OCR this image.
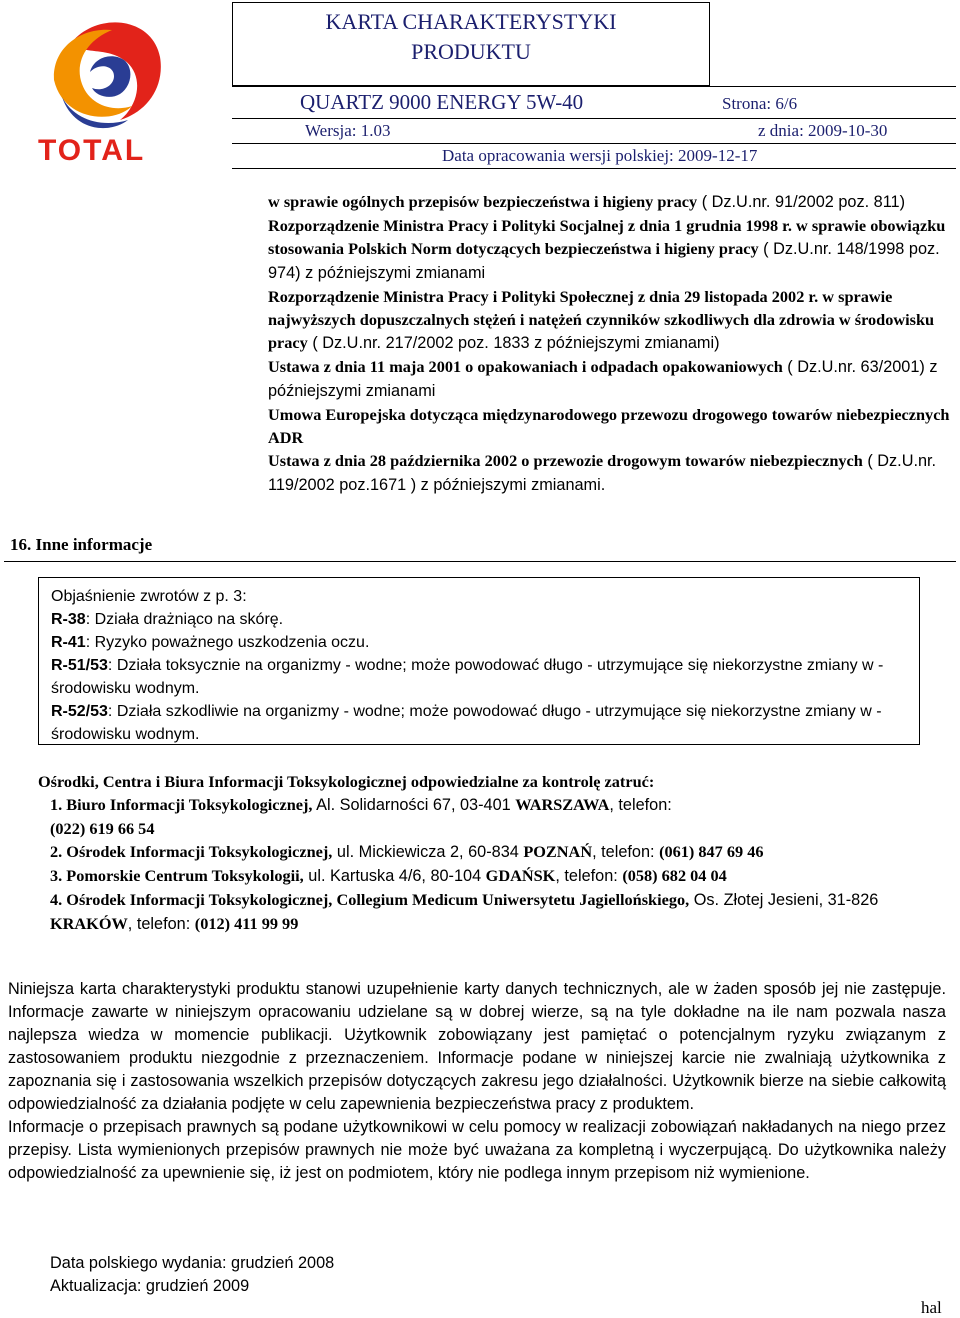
TOTAL
KARTA CHARAKTERYSTYKI
PRODUKTU
QUARTZ 9000 ENERGY 5W-40	Strona: 6/6
Wersja: 1.03	z dnia: 2009-10-30
Data opracowania wersji polskiej: 2009-12-17

w sprawie ogólnych przepisów bezpieczeństwa i higieny pracy ( Dz.U.nr. 91/2002 poz. 811)

Rozporządzenie Ministra Pracy i Polityki Socjalnej z dnia 1 grudnia 1998 r. w sprawie obowiązku stosowania Polskich Norm dotyczących bezpieczeństwa i higieny pracy ( Dz.U.nr. 148/1998 poz. 974) z późniejszymi zmianami

Rozporządzenie Ministra Pracy i Polityki Społecznej z dnia 29 listopada 2002 r. w sprawie najwyższych dopuszczalnych stężeń i natężeń czynników szkodliwych dla zdrowia w środowisku pracy ( Dz.U.nr. 217/2002 poz. 1833 z późniejszymi zmianami)

Ustawa z dnia 11 maja 2001 o opakowaniach i odpadach opakowaniowych ( Dz.U.nr. 63/2001) z późniejszymi zmianami

Umowa Europejska dotycząca międzynarodowego przewozu drogowego towarów niebezpiecznych ADR

Ustawa z dnia 28 października 2002 o przewozie drogowym towarów niebezpiecznych ( Dz.U.nr. 119/2002 poz.1671 ) z późniejszymi zmianami.

16. Inne informacje

Objaśnienie zwrotów z p. 3:

R-38: Działa drażniąco na skórę.

R-41: Ryzyko poważnego uszkodzenia oczu.

R-51/53: Działa toksycznie na organizmy - wodne; może powodować długo - utrzymujące się niekorzystne zmiany w - środowisku wodnym.

R-52/53: Działa szkodliwie na organizmy - wodne; może powodować długo - utrzymujące się niekorzystne zmiany w - środowisku wodnym.

Ośrodki, Centra i Biura Informacji Toksykologicznej odpowiedzialne za kontrolę zatruć:

1. Biuro Informacji Toksykologicznej, Al. Solidarności 67, 03-401 WARSZAWA, telefon:

(022) 619 66 54

2. Ośrodek Informacji Toksykologicznej, ul. Mickiewicza 2, 60-834 POZNAŃ, telefon: (061) 847 69 46

3. Pomorskie Centrum Toksykologii, ul. Kartuska 4/6, 80-104 GDAŃSK, telefon: (058) 682 04 04

4. Ośrodek Informacji Toksykologicznej, Collegium Medicum Uniwersytetu Jagiellońskiego, Os. Złotej Jesieni, 31-826 KRAKÓW, telefon: (012) 411 99 99

Niniejsza karta charakterystyki produktu stanowi uzupełnienie karty danych technicznych, ale w żaden sposób jej nie zastępuje. Informacje zawarte w niniejszym opracowaniu udzielane są w dobrej wierze, są na tyle dokładne na ile nam pozwala nasza najlepsza wiedza w momencie publikacji. Użytkownik zobowiązany jest pamiętać o potencjalnym ryzyku związanym z zastosowaniem produktu niezgodnie z przeznaczeniem. Informacje podane w niniejszej karcie nie zwalniają użytkownika z zapoznania się i zastosowania wszelkich przepisów dotyczących zakresu jego działalności. Użytkownik bierze na siebie całkowitą odpowiedzialność za działania podjęte w celu zapewnienia bezpieczeństwa pracy z produktem.

Informacje o przepisach prawnych są podane użytkownikowi w celu pomocy w realizacji zobowiązań nakładanych na niego przez przepisy. Lista wymienionych przepisów prawnych nie może być uważana za kompletną i wyczerpującą. Do użytkownika należy odpowiedzialność za upewnienie się, iż jest on podmiotem, który nie podlega innym przepisom niż wymienione.

Data polskiego wydania: grudzień 2008

Aktualizacja: grudzień 2009

hal
